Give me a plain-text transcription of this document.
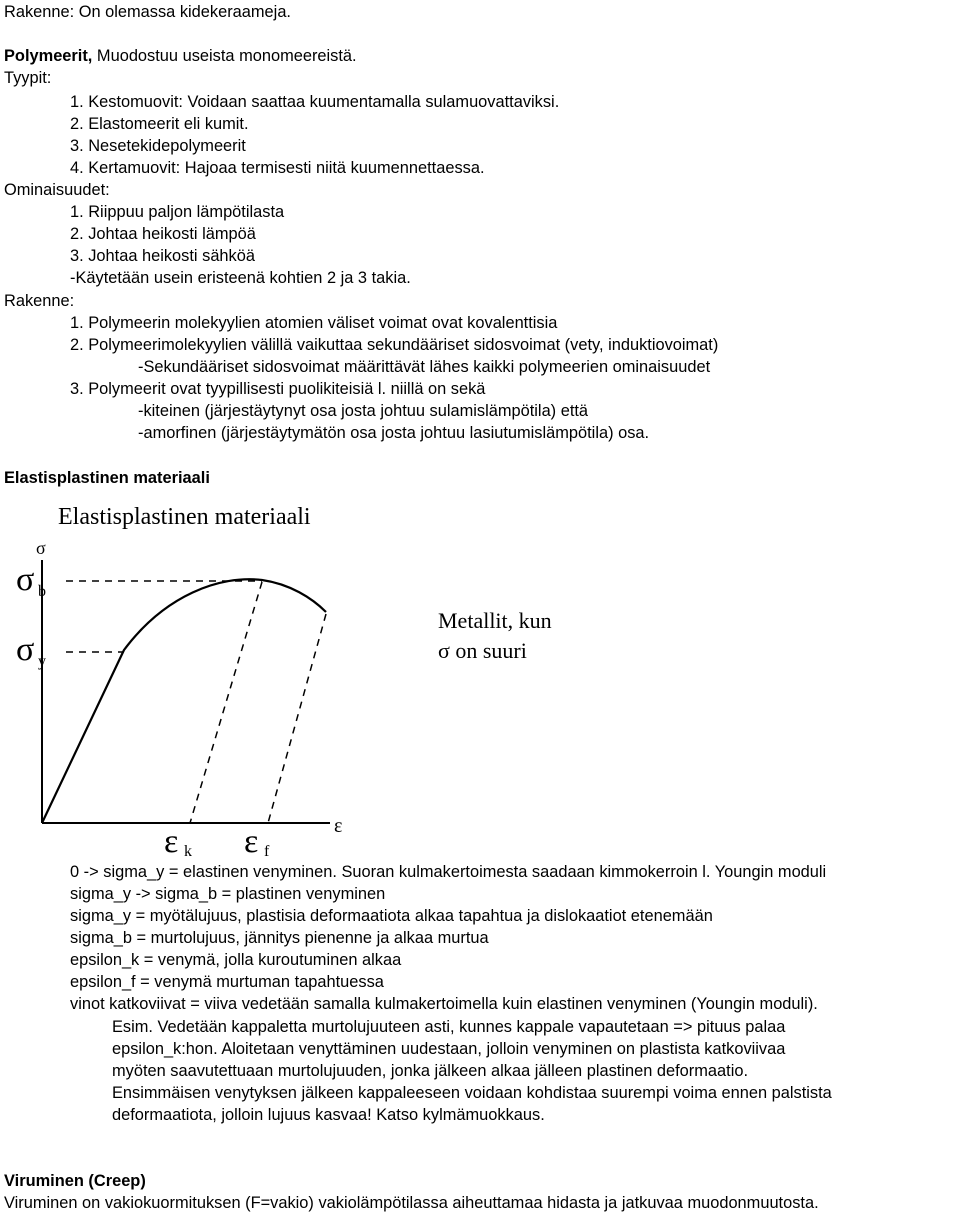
Rakenne: On olemassa kidekeraameja.
Polymeerit, Muodostuu useista monomeereistä.
Tyypit:
1. Kestomuovit: Voidaan saattaa kuumentamalla sulamuovattaviksi.
2. Elastomeerit eli kumit.
3. Nesetekidepolymeerit
4. Kertamuovit: Hajoaa termisesti niitä kuumennettaessa.
Ominaisuudet:
1. Riippuu paljon lämpötilasta
2. Johtaa heikosti lämpöä
3. Johtaa heikosti sähköä
-Käytetään usein eristeenä kohtien 2 ja 3 takia.
Rakenne:
1. Polymeerin molekyylien atomien väliset voimat ovat kovalenttisia
2. Polymeerimolekyylien välillä vaikuttaa sekundääriset sidosvoimat (vety, induktiovoimat)
-Sekundääriset sidosvoimat määrittävät lähes kaikki polymeerien ominaisuudet
3. Polymeerit ovat tyypillisesti puolikiteisiä l. niillä on sekä
-kiteinen (järjestäytynyt osa josta johtuu sulamislämpötila) että
-amorfinen (järjestäytymätön osa josta johtuu lasiutumislämpötila) osa.
Elastisplastinen materiaali
Elastisplastinen materiaali
σ
ε
σ b
σ y
ε k ε f
Metallit, kun
σ on suuri
0 -> sigma_y = elastinen venyminen. Suoran kulmakertoimesta saadaan kimmokerroin l. Youngin moduli
sigma_y -> sigma_b = plastinen venyminen
sigma_y = myötälujuus, plastisia deformaatiota alkaa tapahtua ja dislokaatiot etenemään
sigma_b = murtolujuus, jännitys pienenne ja alkaa murtua
epsilon_k = venymä, jolla kuroutuminen alkaa
epsilon_f = venymä murtuman tapahtuessa
vinot katkoviivat = viiva vedetään samalla kulmakertoimella kuin elastinen venyminen (Youngin moduli).
Esim. Vedetään kappaletta murtolujuuteen asti, kunnes kappale vapautetaan => pituus palaa
epsilon_k:hon. Aloitetaan venyttäminen uudestaan, jolloin venyminen on plastista katkoviivaa
myöten saavutettuaan murtolujuuden, jonka jälkeen alkaa jälleen plastinen deformaatio.
Ensimmäisen venytyksen jälkeen kappaleeseen voidaan kohdistaa suurempi voima ennen palstista
deformaatiota, jolloin lujuus kasvaa! Katso kylmämuokkaus.
Viruminen (Creep)
Viruminen on vakiokuormituksen (F=vakio) vakiolämpötilassa aiheuttamaa hidasta ja jatkuvaa muodonmuutosta.
